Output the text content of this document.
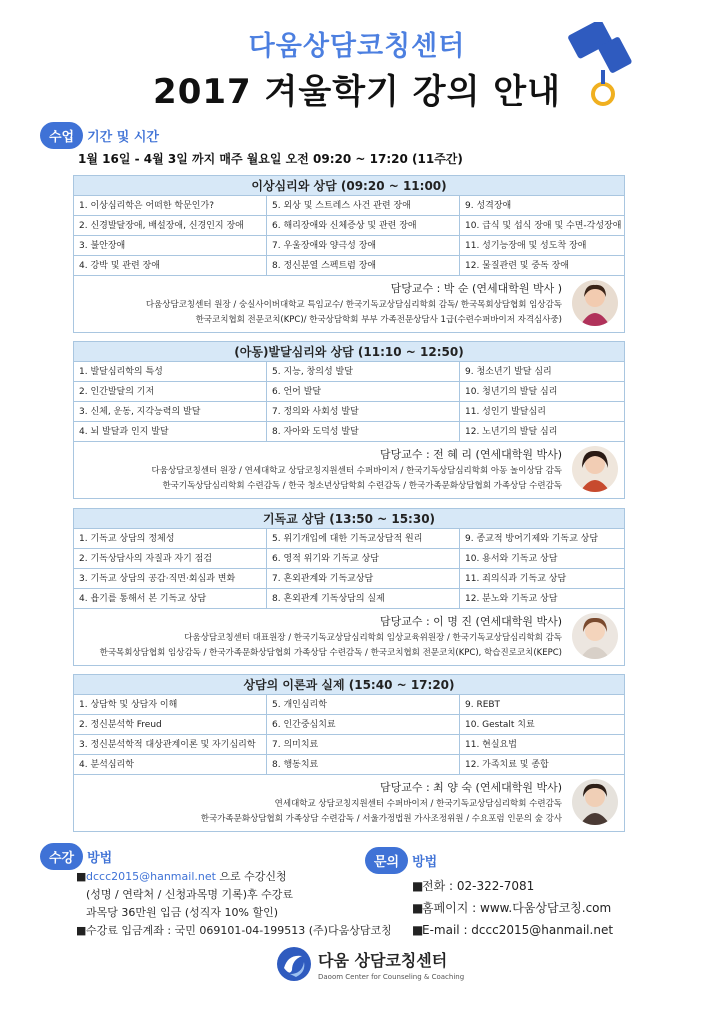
다움상담코칭센터
2017 겨울학기 강의 안내
수업	기간 및 시간
1월 16일 - 4월 3일 까지 매주 월요일 오전 09:20 ~ 17:20 (11주간)
이상심리와 상담 (09:20 ~ 11:00)
1. 이상심리학은 어떠한 학문인가?	5. 외상 및 스트레스 사건 관련 장애	9. 성격장애
2. 신경발달장애, 배설장애, 신경인지 장애	6. 해리장애와 신체증상 및 관련 장애	10. 급식 및 섭식 장애 및 수면-각성장애
3. 불안장애	7. 우울장애와 양극성 장애	11. 성기능장애 및 성도착 장애
4. 강박 및 관련 장애	8. 정신분열 스펙트럼 장애	12. 물질관련 및 중독 장애
담당교수 : 박 순 (연세대학원 박사 )
다움상담코칭센터 원장 / 숭실사이버대학교 특임교수/ 한국기독교상담심리학회 감독/ 한국목회상담협회 임상감독
한국코치협회 전문코치(KPC)/ 한국상담학회 부부 가족전문상담사 1급(수련수퍼바이저 자격심사중)
(아동)발달심리와 상담 (11:10 ~ 12:50)
1. 발달심리학의 특성	5. 지능, 창의성 발달	9. 청소년기 발달 심리
2. 인간발달의 기저	6. 언어 발달	10. 청년기의 발달 심리
3. 신체, 운동, 지각능력의 발달	7. 정의와 사회성 발달	11. 성인기 발달심리
4. 뇌 발달과 인지 발달	8. 자아와 도덕성 발달	12. 노년기의 발달 심리
담당교수 : 전 혜 리 (연세대학원 박사)
다움상담코칭센터 원장 / 연세대학교 상담코칭지원센터 수퍼바이저 / 한국기독상담심리학회 아동 놀이상담 감독
한국기독상담심리학회 수련감독 / 한국 청소년상담학회 수련감독 / 한국가족문화상담협회 가족상담 수련감독
기독교 상담 (13:50 ~ 15:30)
1. 기독교 상담의 정체성	5. 위기개입에 대한 기독교상담적 원리	9. 종교적 방어기제와 기독교 상담
2. 기독상담사의 자질과 자기 점검	6. 영적 위기와 기독교 상담	10. 용서와 기독교 상담
3. 기독교 상담의 공감·직면·회심과 변화	7. 혼외관계와 기독교상담	11. 죄의식과 기독교 상담
4. 욥기를 통해서 본 기독교 상담	8. 혼외관계 기독상담의 실제	12. 분노와 기독교 상담
담당교수 : 이 명 진 (연세대학원 박사)
다움상담코칭센터 대표원장 / 한국기독교상담심리학회 임상교육위원장 / 한국기독교상담심리학회 감독
한국목회상담협회 임상감독 / 한국가족문화상담협회 가족상담 수련감독 / 한국코치협회 전문코치(KPC), 학습진로코치(KEPC)
상담의 이론과 실제 (15:40 ~ 17:20)
1. 상담학 및 상담자 이해	5. 개인심리학	9. REBT
2. 정신분석학 Freud	6. 인간중심치료	10. Gestalt 치료
3. 정신분석학적 대상관계이론 및 자기심리학	7. 의미치료	11. 현실요법
4. 분석심리학	8. 행동치료	12. 가족치료 및 종합
담당교수 : 최 양 숙 (연세대학원 박사)
연세대학교 상담코칭지원센터 수퍼바이저 / 한국기독교상담심리학회 수련감독
한국가족문화상담협회 가족상담 수련감독 / 서울가정법원 가사조정위원 / 수요포럼 인문의 숲 강사
수강	방법
■dccc2015@hanmail.net 으로 수강신청
(성명 / 연락처 / 신청과목명 기록)후 수강료
과목당 36만원 입금 (성직자 10% 할인)
■수강료 입금계좌 : 국민 069101-04-199513 (주)다움상담코칭
문의	방법
■전화 : 02-322-7081
■홈페이지 : www.다움상담코칭.com
■E-mail : dccc2015@hanmail.net
다움 상담코칭센터
Daoom Center for Counseling & Coaching
